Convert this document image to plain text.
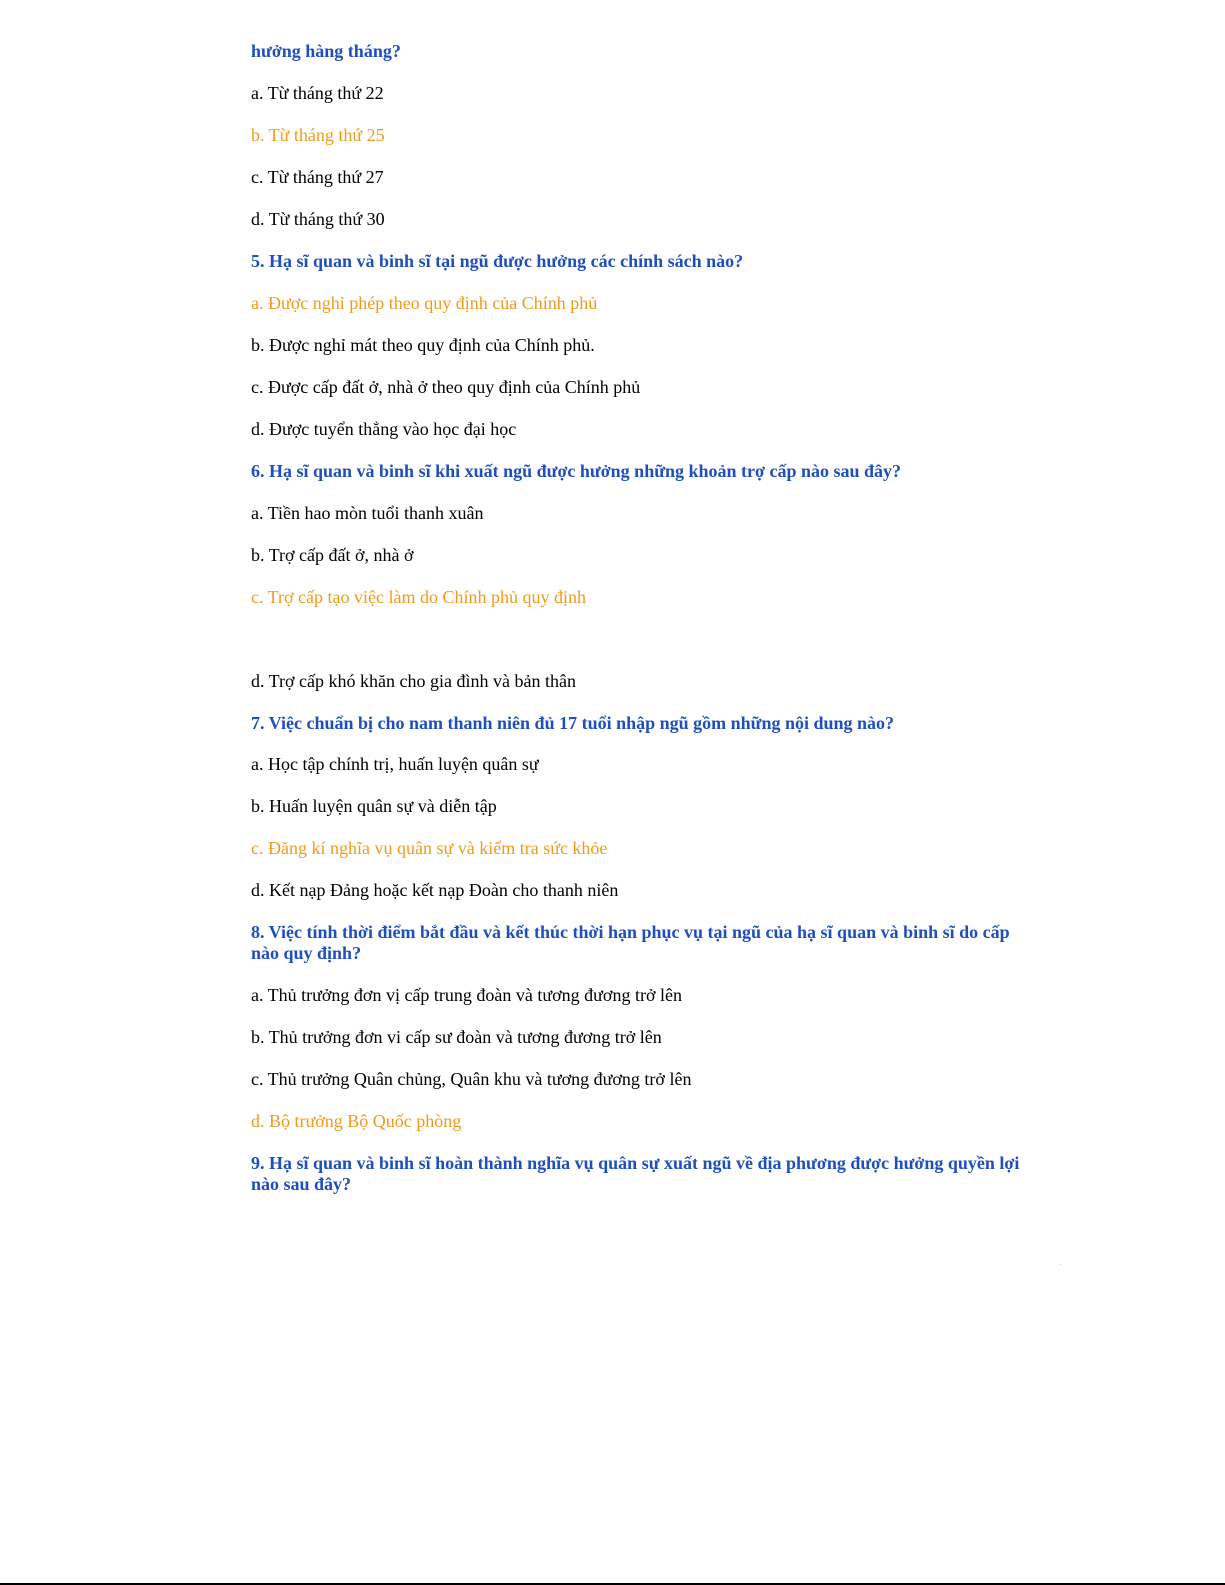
hưởng hàng tháng?
a. Từ tháng thứ 22
b. Từ tháng thứ 25
c. Từ tháng thứ 27
d. Từ tháng thứ 30
5. Hạ sĩ quan và binh sĩ tại ngũ được hưởng các chính sách nào?
a. Được nghỉ phép theo quy định của Chính phủ
b. Được nghỉ mát theo quy định của Chính phủ.
c. Được cấp đất ở, nhà ở theo quy định của Chính phủ
d. Được tuyển thẳng vào học đại học
6. Hạ sĩ quan và binh sĩ khi xuất ngũ được hưởng những khoản trợ cấp nào sau đây?
a. Tiền hao mòn tuổi thanh xuân
b. Trợ cấp đất ở, nhà ở
c. Trợ cấp tạo việc làm do Chính phủ quy định
d. Trợ cấp khó khăn cho gia đình và bản thân
7. Việc chuẩn bị cho nam thanh niên đủ 17 tuổi nhập ngũ gồm những nội dung nào?
a. Học tập chính trị, huấn luyện quân sự
b. Huấn luyện quân sự và diễn tập
c. Đăng kí nghĩa vụ quân sự và kiểm tra sức khỏe
d. Kết nạp Đảng hoặc kết nạp Đoàn cho thanh niên
8. Việc tính thời điểm bắt đầu và kết thúc thời hạn phục vụ tại ngũ của hạ sĩ quan và binh sĩ do cấp nào quy định?
a. Thủ trưởng đơn vị cấp trung đoàn và tương đương trở lên
b. Thủ trưởng đơn vi cấp sư đoàn và tương đương trở lên
c. Thủ trưởng Quân chủng, Quân khu và tương đương trở lên
d. Bộ trưởng Bộ Quốc phòng
9. Hạ sĩ quan và binh sĩ hoàn thành nghĩa vụ quân sự xuất ngũ về địa phương được hưởng quyền lợi nào sau đây?
